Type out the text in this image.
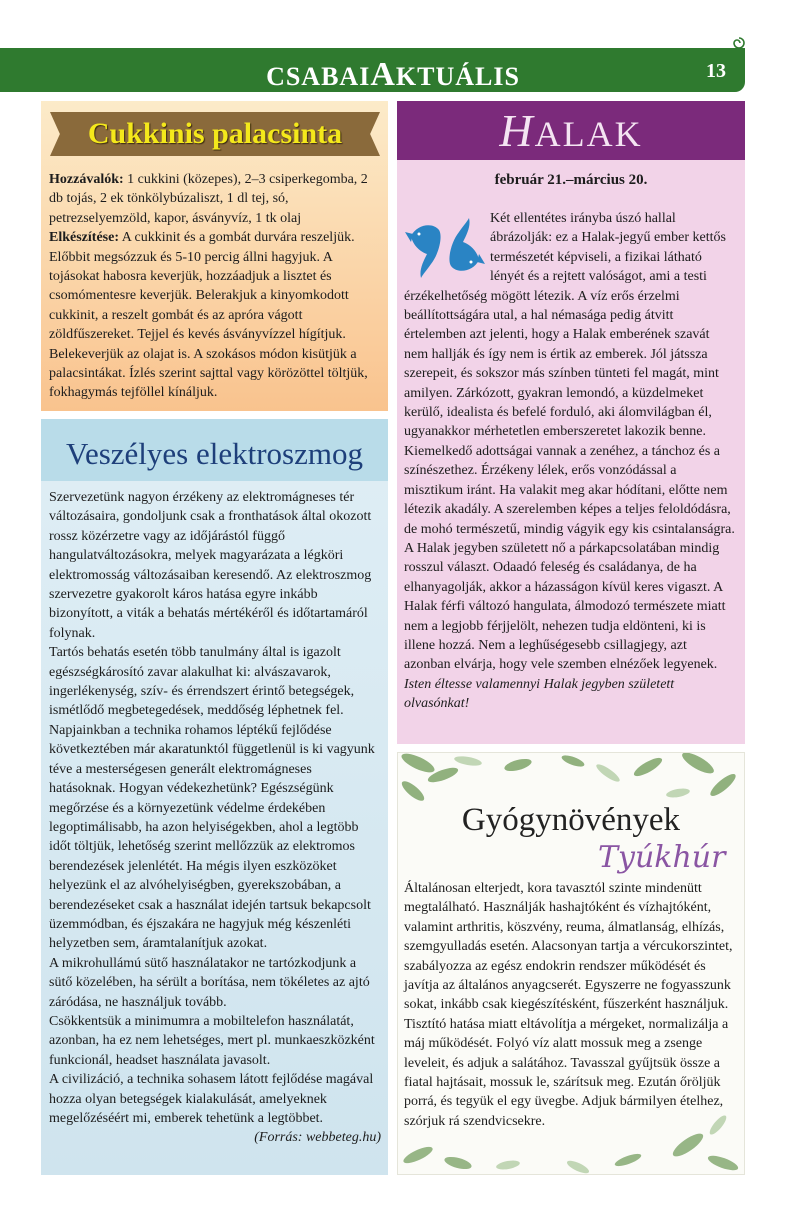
CSABAIAKTUÁLIS	13
Cukkinis palacsinta
Hozzávalók: 1 cukkini (közepes), 2–3 csiperkegomba, 2 db tojás, 2 ek tönkölybúzaliszt, 1 dl tej, só, petrezselyemzöld, kapor, ásványvíz, 1 tk olaj
Elkészítése: A cukkinit és a gombát durvára reszeljük. Előbbit megsózzuk és 5-10 percig állni hagyjuk. A tojásokat habosra keverjük, hozzáadjuk a lisztet és csomómentesre keverjük. Belerakjuk a kinyomkodott cukkinit, a reszelt gombát és az apróra vágott zöldfűszereket. Tejjel és kevés ásványvízzel hígítjuk. Belekeverjük az olajat is. A szokásos módon kisütjük a palacsintákat. Ízlés szerint sajttal vagy körözöttel töltjük, fokhagymás tejföllel kínáljuk.
Veszélyes elektroszmog

Szervezetünk nagyon érzékeny az elektromágneses tér változásaira, gondoljunk csak a fronthatások által okozott rossz közérzetre vagy az időjárástól függő hangulatváltozásokra, melyek magyarázata a légköri elektromosság változásaiban keresendő. Az elektroszmog szervezetre gyakorolt káros hatása egyre inkább bizonyított, a viták a behatás mértékéről és időtartamáról folynak.

Tartós behatás esetén több tanulmány által is igazolt egészségkárosító zavar alakulhat ki: alvászavarok, ingerlékenység, szív- és érrendszert érintő betegségek, ismétlődő megbetegedések, meddőség léphetnek fel. Napjainkban a technika rohamos léptékű fejlődése következtében már akaratunktól függetlenül is ki vagyunk téve a mesterségesen generált elektromágneses hatásoknak. Hogyan védekezhetünk? Egészségünk megőrzése és a környezetünk védelme érdekében legoptimálisabb, ha azon helyiségekben, ahol a legtöbb időt töltjük, lehetőség szerint mellőzzük az elektromos berendezések jelenlétét. Ha mégis ilyen eszközöket helyezünk el az alvóhelyiségben, gyerekszobában, a berendezéseket csak a használat idején tartsuk bekapcsolt üzemmódban, és éjszakára ne hagyjuk még készenléti helyzetben sem, áramtalanítjuk azokat.

A mikrohullámú sütő használatakor ne tartózkodjunk a sütő közelében, ha sérült a borítása, nem tökéletes az ajtó záródása, ne használjuk tovább.

Csökkentsük a minimumra a mobiltelefon használatát, azonban, ha ez nem lehetséges, mert pl. munkaeszközként funkcionál, headset használata javasolt.

A civilizáció, a technika sohasem látott fejlődése magával hozza olyan betegségek kialakulását, amelyeknek megelőzéséért mi, emberek tehetünk a legtöbbet.
(Forrás: webbeteg.hu)

HALAK
február 21.–március 20.
Két ellentétes irányba úszó hallal ábrázolják: ez a Halak-jegyű ember kettős természetét képviseli, a fizikai látható lényét és a rejtett valóságot, ami a testi érzékelhetőség mögött létezik. A víz erős érzelmi beállítottságára utal, a hal némasága pedig átvitt értelemben azt jelenti, hogy a Halak emberének szavát nem hallják és így nem is értik az emberek. Jól játssza szerepeit, és sokszor más színben tünteti fel magát, mint amilyen. Zárkózott, gyakran lemondó, a küzdelmeket kerülő, idealista és befelé forduló, aki álomvilágban él, ugyanakkor mérhetetlen emberszeretet lakozik benne. Kiemelkedő adottságai vannak a zenéhez, a tánchoz és a színészethez. Érzékeny lélek, erős vonzódással a misztikum iránt. Ha valakit meg akar hódítani, előtte nem létezik akadály. A szerelemben képes a teljes feloldódásra, de mohó természetű, mindig vágyik egy kis csintalanságra. A Halak jegyben született nő a párkapcsolatában mindig rosszul választ. Odaadó feleség és családanya, de ha elhanyagolják, akkor a házasságon kívül keres vigaszt. A Halak férfi változó hangulata, álmodozó természete miatt nem a legjobb férjjelölt, nehezen tudja eldönteni, ki is illene hozzá. Nem a leghűségesebb csillagjegy, azt azonban elvárja, hogy vele szemben elnézőek legyenek. Isten éltesse valamennyi Halak jegyben született olvasónkat!
Gyógynövények
Tyúkhúr
Általánosan elterjedt, kora tavasztól szinte mindenütt megtalálható. Használják hashajtóként és vízhajtóként, valamint arthritis, köszvény, reuma, álmatlanság, elhízás, szemgyulladás esetén. Alacsonyan tartja a vércukorszintet, szabályozza az egész endokrin rendszer működését és javítja az általános anyagcserét. Egyszerre ne fogyasszunk sokat, inkább csak kiegészítésként, fűszerként használjuk. Tisztító hatása miatt eltávolítja a mérgeket, normalizálja a máj működését. Folyó víz alatt mossuk meg a zsenge leveleit, és adjuk a salátához. Tavasszal gyűjtsük össze a fiatal hajtásait, mossuk le, szárítsuk meg. Ezután őröljük porrá, és tegyük el egy üvegbe. Adjuk bármilyen ételhez, szórjuk rá szendvicsekre.
